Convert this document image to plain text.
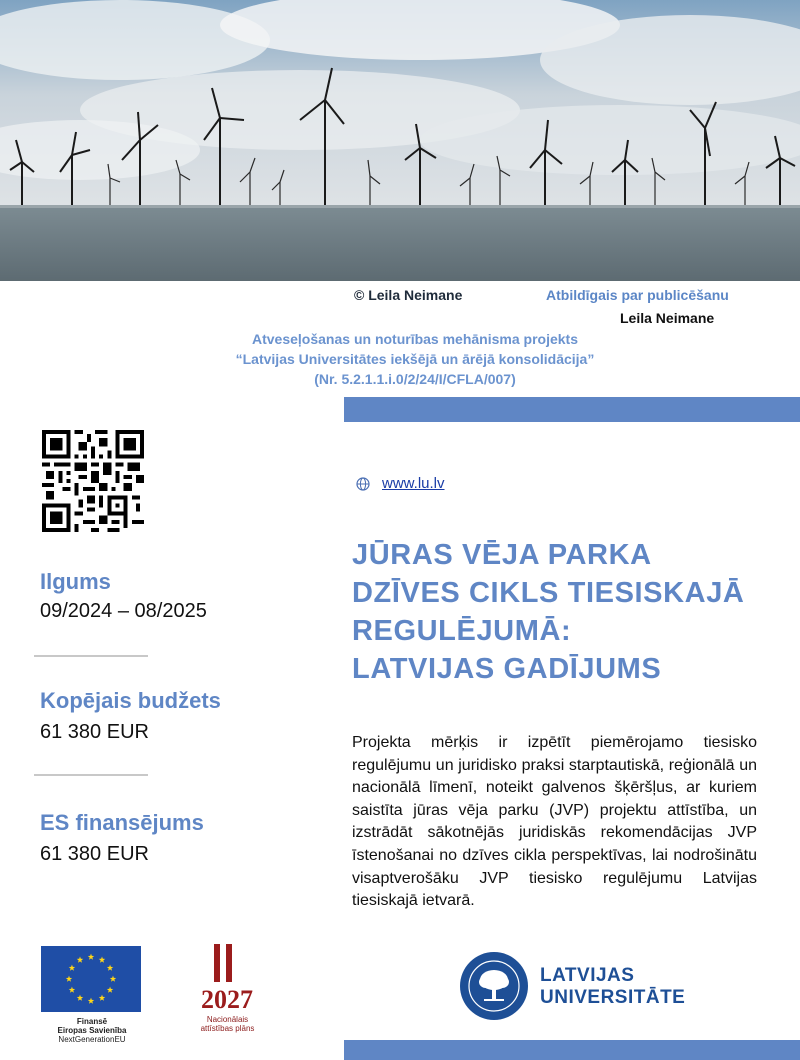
© Leila Neimane	Atbildīgais par publicēšanu
Leila Neimane
Atveseļošanas un noturības mehānisma projekts
“Latvijas Universitātes iekšējā un ārējā konsolidācija”
(Nr. 5.2.1.1.i.0/2/24/I/CFLA/007)
www.lu.lv
JŪRAS VĒJA PARKA
DZĪVES CIKLS TIESISKAJĀ
REGULĒJUMĀ:
LATVIJAS GADĪJUMS
Projekta mērķis ir izpētīt piemērojamo tiesisko regulējumu un juridisko praksi starptautiskā, reģionālā un nacionālā līmenī, noteikt galvenos šķēršļus, ar kuriem saistīta jūras vēja parku (JVP) projektu attīstība, un izstrādāt sākotnējās juridiskās rekomendācijas JVP īstenošanai no dzīves cikla perspektīvas, lai nodrošinātu visaptverošāku JVP tiesisko regulējumu Latvijas tiesiskajā ietvarā.
Ilgums
09/2024 – 08/2025
Kopējais budžets
61 380 EUR
ES finansējums
61 380 EUR
Finansē
Eiropas Savienība
NextGenerationEU
2027
Nacionālais
attīstības plāns
LATVIJAS
UNIVERSITĀTE
